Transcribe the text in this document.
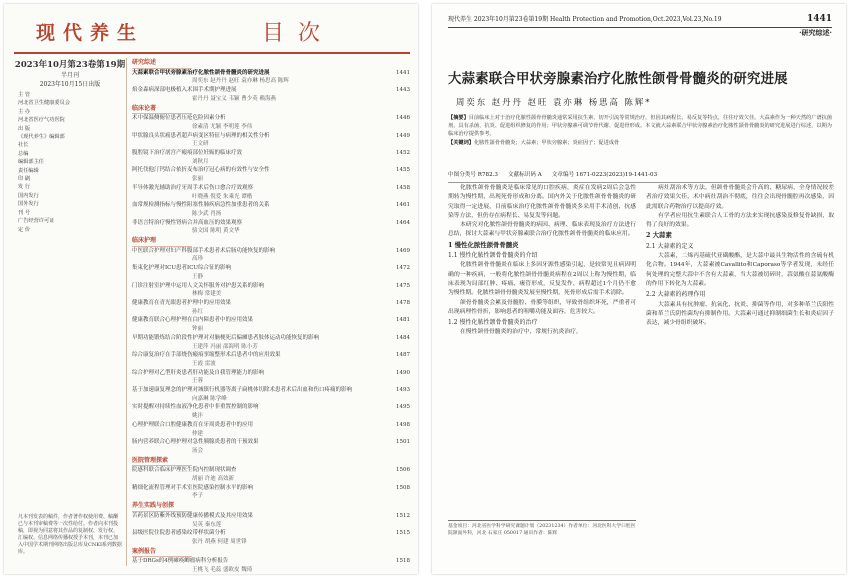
现代养生	目次
2023年10月第23卷第19期
半月刊
2023年10月15日出版
主 管
河北省卫生健康委员会
主 办
河北省医疗气功医院
出 版
《现代养生》编辑部
社长
总编
编辑部主任
责任编辑
印 刷
发 行
国内发行
国外发行
刊 号
广告经营许可证
定 价
凡本刊发表的稿件，作者著作权使用费、稿酬已与本刊审稿费等一次性给付。作者向本刊投稿，即视为同意将其作品的复制权、发行权、汇编权、信息网络传播权授予本刊，本刊已加入中国学术期刊网络出版总库及CNKI系列数据库。
研究综述
大蒜素联合甲状旁腺素治疗化脓性颌骨骨髓炎的研究进展	1441
周奕东 赵丹丹 赵旺 袁亦琳 杨思高 陈辉
焰金森病深部电极植入术围手术期护理进展	1443
霍丹丹 聂宝义 韦颖 曹少英 赖海燕
临床论著
术中保温侧俯位患者压疮危险因素分析	1446
徐素清 尤颖 李明莲 李伟
甲状腺良头状癌患者超声病变区特征与病理的相关性分析	1449
王文研
腹腔镜下治疗剖宫产瘢痕部位妊娠的临床疗效	1452
刘秋月
阿托伐他汀钙结合依折麦布治疗冠心病的有效性与安全性	1455
张丽
半导体激光辅助治疗牙周手术后伤口愈合疗效观察	1458
叶晓燕 倪爱 朱乘光 谭楷
血常规检测指标与慢性阻塞性肺疾病急性加重患者的关系	1461
陈少武 肖扬
非语言特治疗慢性肾病合并高血压的效果观察	1464
骆文国 陈明 黄文华
临床护理
中医联合护理对妇产科腹部手术患者术后肠功能恢复的影响	1469
高珍
集束化护理对ICU患者ICU综合征的影响	1472
王静
门诊注射室护理中运用人文关怀服务对护患关系的影响	1475
林梅 常建美
健康教育在青光眼患者护理中的应用效果	1478
孙红
健康教育联合心理护理在白内障患者中的应用效果	1481
钟丽
早期功能锻炼结合阶段性护理对对脑梗死后偏瘫患者肢体运动功能恢复的影响	1484
王建萍 冯丽 邵海明 陈小芳
综合康复治疗在手部烧伤瘢痕挛缩整形术后患者中的应用效果	1487
王霞 雷波
综合护理对乙型肝炎患者肝功能及自我管理能力的影响	1490
王蓉
基于加速康复理念的护理对城镇行机器等离子扁桃体切除术患者术后出血和伤口疼痛的影响	1493
向嘉琳 陈学峰
实时提醒对持续性血液净化患者中非重置控制的影响	1495
姚沣
心理护理联合口腔健康教育在牙周炎患者中的应用	1498
仲建
肠内营养联合心理护理对急性胰腺炎患者的干预效果	1501
汤会
医院管理探索
院感科联合临床护理医生院内控制现状调查	1506
胡丽 许迪 高效新
精细化流程管理对手术室医院感染控制水平的影响	1508
李子
养生实践与创探
苦药景区防紫外线预防健康传播模式及其应用效果	1512
吴英 秦东莲
县级医院住院患者感染纹带样状菌分析	1515
张丹 胡燕 何建 周世锋
案例报告
基于DRGs的4例瘫痪鲫瘤病科分析报告	1518
王桃飞 毛蕊 盛欧皮 魏琦
现代养生 2023年10月第23卷第19期 Health Protection and Promotion,Oct.2023,Vol.23,No.19	1441
·研究综述·
大蒜素联合甲状旁腺素治疗化脓性颌骨骨髓炎的研究进展
周奕东 赵丹丹 赵旺 袁亦琳 杨思高 陈辉*
【摘要】目前临床上对于治疗化脓性颌骨骨髓炎通常采用抗生素、切开引流等常规治疗，但因其病程长、易反复等特点，往往疗效欠佳。大蒜素作为一种天然的广谱抗菌剂，具有杀菌、抗炎、促进组织修复的作用；甲状旁腺素可调节骨代谢、促进骨形成。本文就大蒜素联合甲状旁腺素治疗化脓性颌骨骨髓炎的研究进展进行综述，以期为临床治疗提供参考。
【关键词】化脓性颌骨骨髓炎；大蒜素；甲状旁腺素；炎症因子；促进成骨
中图分类号 R782.3 文献标识码 A 文章编号 1671-0223(2023)19-1441-03

化脓性颌骨骨髓炎是临床常见的口腔疾病，炎症在发病2周后会急性期转为慢性期，出现死骨形成和分离。国内外关于化脓性颌骨骨髓炎的研究取得一定进展，目前临床治疗化脓性颌骨骨髓炎多采用手术清创、抗感染等方法，但仍存在病程长、易复发等问题。

本研究对化脓性颌骨骨髓炎的病因、病理、临床表现及治疗方法进行总结，探讨大蒜素与甲状旁腺素联合治疗化脓性颌骨骨髓炎的临床应用。

1 慢性化脓性颌骨骨髓炎
1.1 慢性化脓性颌骨骨髓炎的介绍

化脓性颌骨骨髓炎在临床上多因牙源性感染引起，是较常见且病因明确的一种疾病，一般将化脓性颌骨骨髓炎病程在2周以上称为慢性期，临床表现为局部红肿、疼痛、瘘管形成，反复发作，病程超过1个月仍不愈为慢性期。化脓性颌骨骨髓炎发展至慢性期，死骨形成后需手术清除。

颌骨骨髓炎会累及骨髓腔、骨膜等组织，导致骨组织坏死，严重者可出现病理性骨折，影响患者的咀嚼功能及面容，危害较大。

1.2 慢性化脓性颌骨骨髓炎的治疗

在慢性颌骨骨髓炎的治疗中，常规行抗炎治疗，

病灶刮治术等方法，但颌骨骨髓炎会升高的、糖尿病、全身情况较差者治疗效果欠佳，术中病灶刮治不彻底，往往会出现骨髓腔再次感染，因此需联合药物治疗以提高疗效。

有学者应用抗生素联合人工骨的方法来实现抗感染及修复骨缺损，取得了良好的效果。

2 大蒜素
2.1 大蒜素的定义

大蒜素，二烯丙基硫代亚磺酸酯，是大蒜中最具生物活性的含硫有机化合物。1944年，大蒜素被Cavallito和Caporaso等学者发现，未经任何处理的完整大蒜中不含有大蒜素，当大蒜被切碎时，蒜氨酸在蒜氨酸酶的作用下转化为大蒜素。

2.2 大蒜素的药理作用

大蒜素具有抗肿瘤、抗氧化、抗炎、抑菌等作用，对多种革兰氏阳性菌和革兰氏阴性菌均有抑制作用。大蒜素可通过抑制细菌生长和炎症因子表达，减少骨组织破坏。

基金项目：河北省医学科学研究课题计划（20231234）作者单位：河北医科大学口腔医院颌面外科，河北 石家庄 050017 通讯作者：陈辉
